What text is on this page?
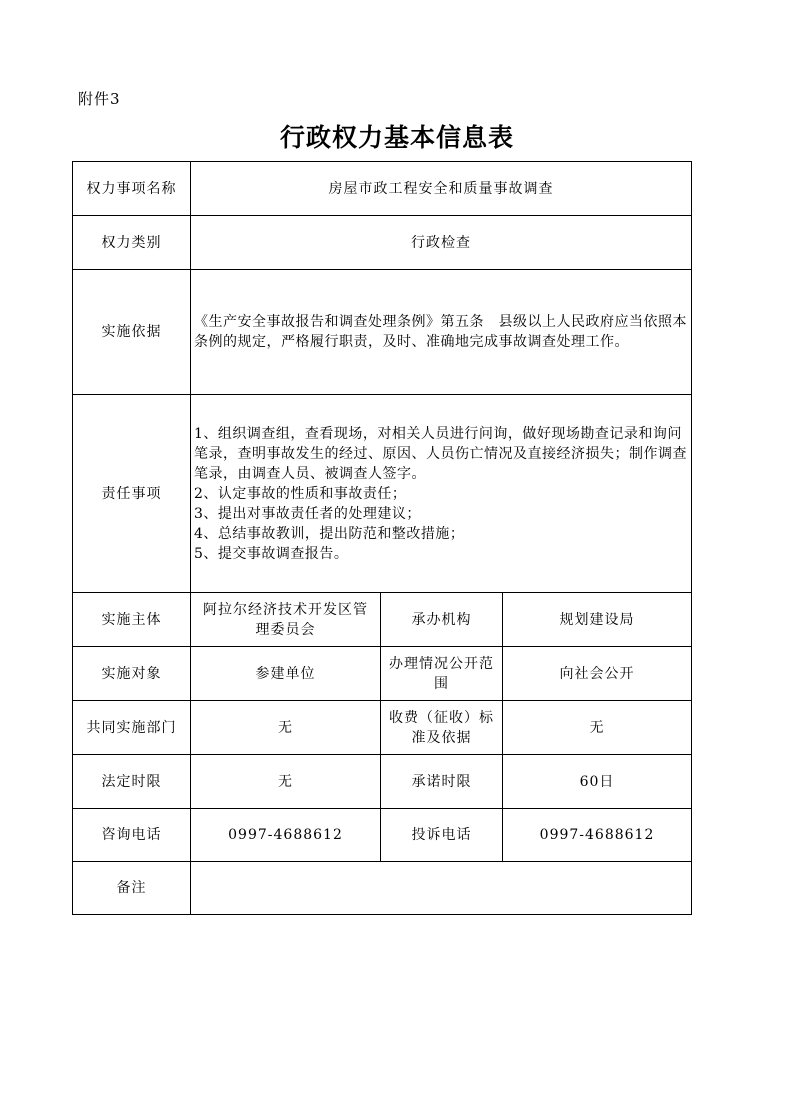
附件3
行政权力基本信息表
权力事项名称	房屋市政工程安全和质量事故调查		
权力类别	行政检查		
实施依据	《生产安全事故报告和调查处理条例》第五条　县级以上人民政府应当依照本条例的规定，严格履行职责，及时、准确地完成事故调查处理工作。		
责任事项	1、组织调查组，查看现场，对相关人员进行问询，做好现场勘查记录和询问笔录，查明事故发生的经过、原因、人员伤亡情况及直接经济损失；制作调查笔录，由调查人员、被调查人签字。
2、认定事故的性质和事故责任；
3、提出对事故责任者的处理建议；
4、总结事故教训，提出防范和整改措施；
5、提交事故调查报告。		

实施主体	阿拉尔经济技术开发区管理委员会	承办机构	规划建设局
实施对象	参建单位	办理情况公开范围	向社会公开
共同实施部门	无	收费（征收）标准及依据	无
法定时限	无	承诺时限	60日
咨询电话	0997-4688612	投诉电话	0997-4688612
备注			
